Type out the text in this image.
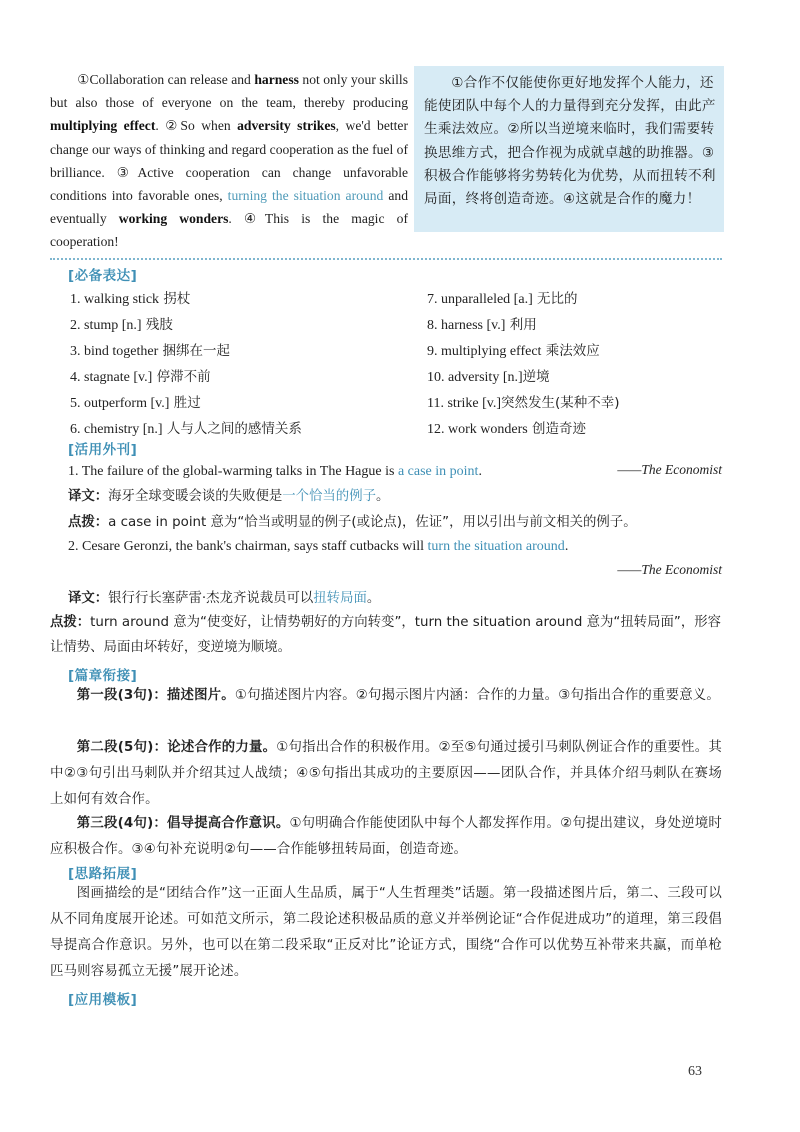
①Collaboration can release and harness not only your skills but also those of everyone on the team, thereby producing multiplying effect. ②So when adversity strikes, we'd better change our ways of thinking and regard cooperation as the fuel of brilliance. ③Active cooperation can change unfavorable conditions into favorable ones, turning the situation around and eventually working wonders. ④This is the magic of cooperation!
①合作不仅能使你更好地发挥个人能力，还能使团队中每个人的力量得到充分发挥，由此产生乘法效应。②所以当逆境来临时，我们需要转换思维方式，把合作视为成就卓越的助推器。③积极合作能够将劣势转化为优势，从而扭转不利局面，终将创造奇迹。④这就是合作的魔力！
[必备表达]
1. walking stick 拐杖
2. stump [n.] 残肢
3. bind together 捆绑在一起
4. stagnate [v.] 停滞不前
5. outperform [v.] 胜过
6. chemistry [n.] 人与人之间的感情关系
7. unparalleled [a.] 无比的
8. harness [v.] 利用
9. multiplying effect 乘法效应
10. adversity [n.]逆境
11. strike [v.]突然发生(某种不幸)
12. work wonders 创造奇迹
[活用外刊]
1. The failure of the global-warming talks in The Hague is a case in point.	——The Economist
译文：海牙全球变暖会谈的失败便是一个恰当的例子。
点拨：a case in point 意为“恰当或明显的例子(或论点)，佐证”，用以引出与前文相关的例子。
2. Cesare Geronzi, the bank's chairman, says staff cutbacks will turn the situation around.
——The Economist
译文：银行行长塞萨雷·杰龙齐说裁员可以扭转局面。
点拨：turn around 意为“使变好，让情势朝好的方向转变”，turn the situation around 意为“扭转局面”，形容让情势、局面由坏转好，变逆境为顺境。
[篇章衔接]
第一段(3句)：描述图片。①句描述图片内容。②句揭示图片内涵：合作的力量。③句指出合作的重要意义。
第二段(5句)：论述合作的力量。①句指出合作的积极作用。②至⑤句通过援引马刺队例证合作的重要性。其中②③句引出马刺队并介绍其过人战绩；④⑤句指出其成功的主要原因——团队合作，并具体介绍马刺队在赛场上如何有效合作。
第三段(4句)：倡导提高合作意识。①句明确合作能使团队中每个人都发挥作用。②句提出建议，身处逆境时应积极合作。③④句补充说明②句——合作能够扭转局面，创造奇迹。
[思路拓展]
图画描绘的是“团结合作”这一正面人生品质，属于“人生哲理类”话题。第一段描述图片后，第二、三段可以从不同角度展开论述。可如范文所示，第二段论述积极品质的意义并举例论证“合作促进成功”的道理，第三段倡导提高合作意识。另外，也可以在第二段采取“正反对比”论证方式，围绕“合作可以优势互补带来共赢，而单枪匹马则容易孤立无援”展开论述。
[应用模板]
63
